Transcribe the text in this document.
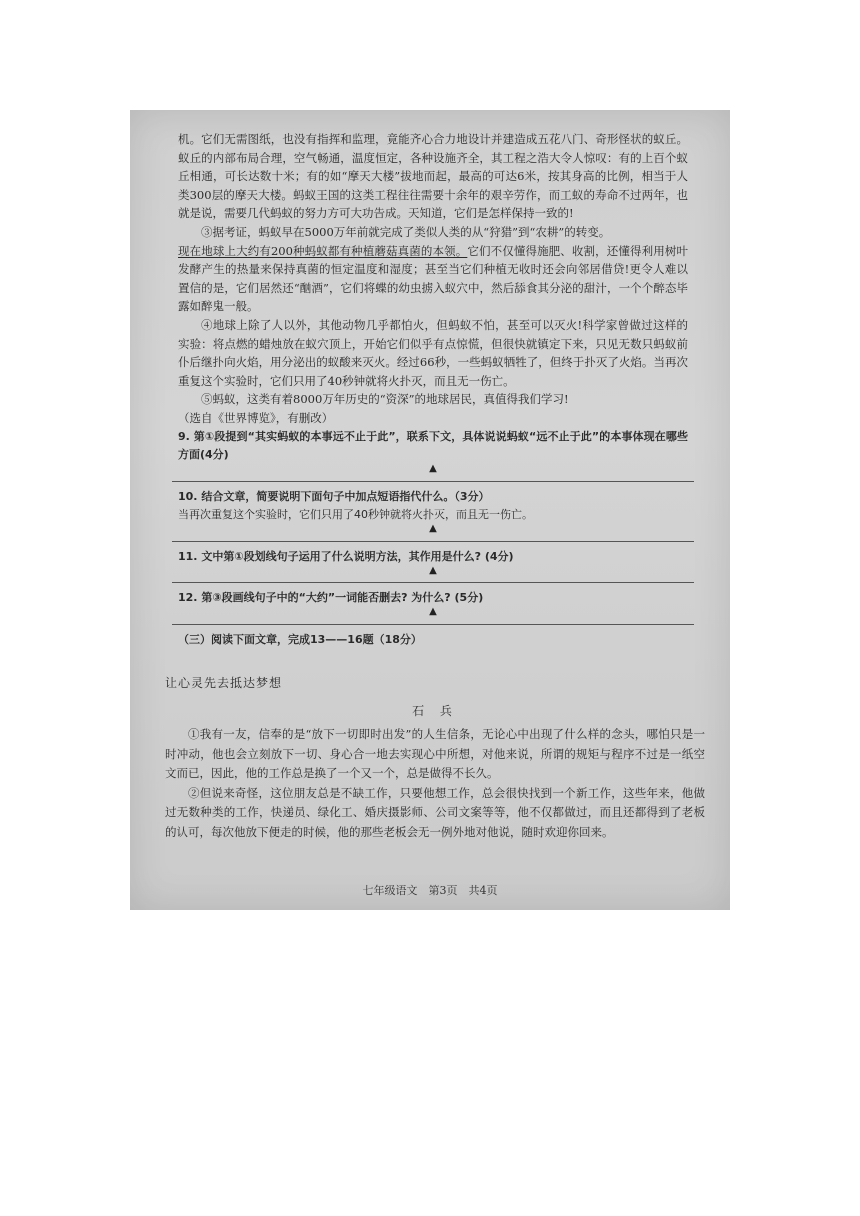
机。它们无需图纸，也没有指挥和监理，竟能齐心合力地设计并建造成五花八门、奇形怪状的蚁丘。蚁丘的内部布局合理，空气畅通，温度恒定，各种设施齐全，其工程之浩大令人惊叹：有的上百个蚁丘相通，可长达数十米；有的如“摩天大楼”拔地而起，最高的可达6米，按其身高的比例，相当于人类300层的摩天大楼。蚂蚁王国的这类工程往往需要十余年的艰辛劳作，而工蚁的寿命不过两年，也就是说，需要几代蚂蚁的努力方可大功告成。天知道，它们是怎样保持一致的!

③据考证，蚂蚁早在5000万年前就完成了类似人类的从“狩猎”到“农耕”的转变。
现在地球上大约有200种蚂蚁都有种植蘑菇真菌的本领。它们不仅懂得施肥、收割，还懂得利用树叶发酵产生的热量来保持真菌的恒定温度和湿度；甚至当它们种植无收时还会向邻居借贷!更令人难以置信的是，它们居然还“酗酒”，它们将蝶的幼虫掳入蚁穴中，然后舔食其分泌的甜汁，一个个醉态毕露如醉鬼一般。

④地球上除了人以外，其他动物几乎都怕火，但蚂蚁不怕，甚至可以灭火!科学家曾做过这样的实验：将点燃的蜡烛放在蚁穴顶上，开始它们似乎有点惊慌，但很快就镇定下来，只见无数只蚂蚁前仆后继扑向火焰，用分泌出的蚁酸来灭火。经过66秒，一些蚂蚁牺牲了，但终于扑灭了火焰。当再次重复这个实验时，它们只用了40秒钟就将火扑灭，而且无一伤亡。

⑤蚂蚁，这类有着8000万年历史的“资深”的地球居民，真值得我们学习!

（选自《世界博览》，有删改）

9. 第①段提到“其实蚂蚁的本事远不止于此”，联系下文，具体说说蚂蚁“远不止于此”的本事体现在哪些方面(4分)

▲

10. 结合文章，简要说明下面句子中加点短语指代什么。（3分）

当再次重复这个实验时，它们只用了40秒钟就将火扑灭，而且无一伤亡。

▲

11. 文中第①段划线句子运用了什么说明方法，其作用是什么? (4分)

▲

12. 第③段画线句子中的“大约”一词能否删去? 为什么? (5分)

▲

（三）阅读下面文章，完成13——16题（18分）

让心灵先去抵达梦想

石 兵

①我有一友，信奉的是“放下一切即时出发”的人生信条，无论心中出现了什么样的念头，哪怕只是一时冲动，他也会立刻放下一切、身心合一地去实现心中所想，对他来说，所谓的规矩与程序不过是一纸空文而已，因此，他的工作总是换了一个又一个，总是做得不长久。

②但说来奇怪，这位朋友总是不缺工作，只要他想工作，总会很快找到一个新工作，这些年来，他做过无数种类的工作，快递员、绿化工、婚庆摄影师、公司文案等等，他不仅都做过，而且还都得到了老板的认可，每次他放下便走的时候，他的那些老板会无一例外地对他说，随时欢迎你回来。

七年级语文　第3页　共4页
